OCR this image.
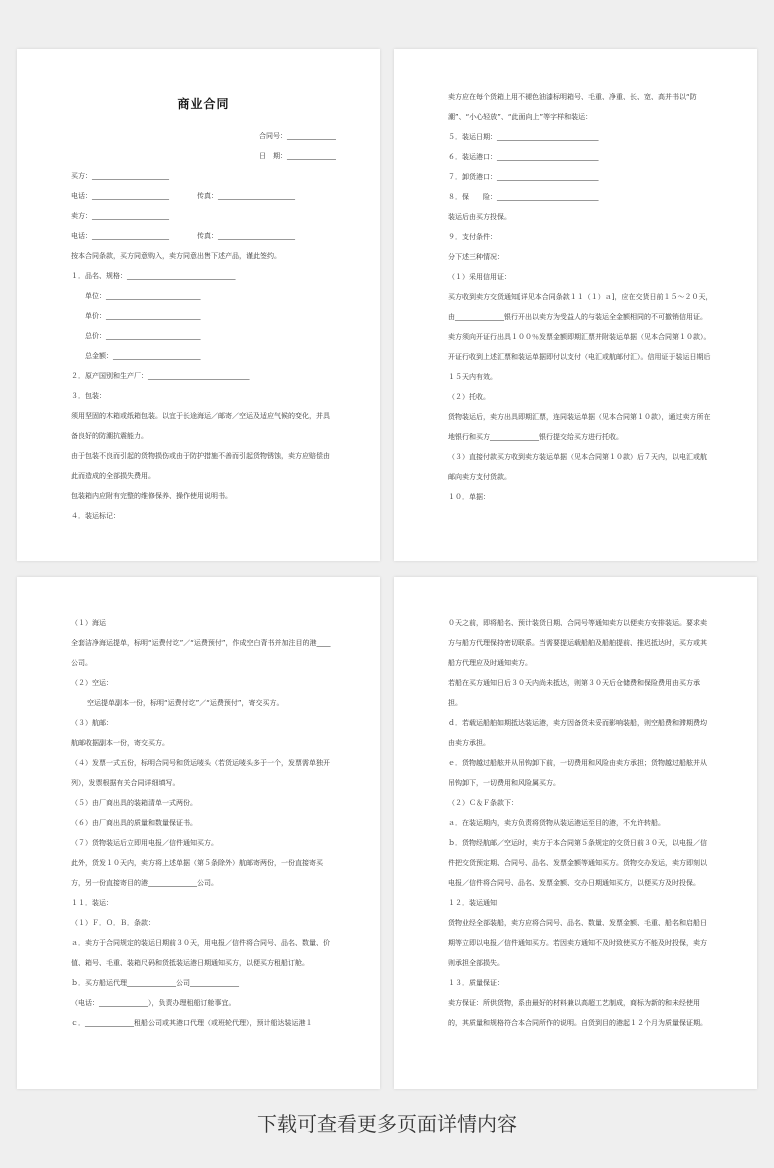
商业合同
合同号：______________
日　期：______________
买方：______________________
电话：______________________　　　　传真：______________________
卖方：______________________
电话：______________________　　　　传真：______________________
按本合同条款，买方同意购入，卖方同意出售下述产品，谨此签约。
１．品名、规格：_______________________________
单位：___________________________
单价：___________________________
总价：___________________________
总金额：_________________________
２．原产国别和生产厂：_____________________________
３．包装：
须用坚固的木箱或纸箱包装。以宜于长途海运／邮寄／空运及适应气候的变化，并具备良好的防潮抗震能力。
由于包装不良而引起的货物损伤或由于防护措施不善而引起货物锈蚀，卖方应赔偿由此而造成的全部损失费用。
包装箱内应附有完整的维修保养、操作使用说明书。
４．装运标记：
卖方应在每个货箱上用不褪色油漆标明箱号、毛重、净重、长、宽、高并书以“防潮”、“小心轻放”、“此面向上”等字样和装运：
５．装运日期：_____________________________
６．装运港口：_____________________________
７．卸货港口：_____________________________
８．保　　险：_____________________________
装运后由买方投保。
９．支付条件：
分下述三种情况：
（１）采用信用证：
买方收到卖方交货通知[详见本合同条款１１（１）ａ]，应在交货日前１５～２０天，由______________银行开出以卖方为受益人的与装运全金额相同的不可撤销信用证。卖方须向开证行出具１００％发票金额即期汇票并附装运单据（见本合同第１０款）。开证行收到上述汇票和装运单据即付以支付（电汇或航邮付汇）。信用证于装运日期后１５天内有效。
（２）托收。
货物装运后，卖方出具即期汇票，连同装运单据（见本合同第１０款），通过卖方所在地银行和买方______________银行提交给买方进行托收。
（３）直接付款买方收到卖方装运单据（见本合同第１０款）后７天内，以电汇或航邮向卖方支付货款。
１０．单据：
（１）海运
全套洁净海运提单，标明“运费付讫”／“运费预付”，作成空白背书并加注目的港____公司。
（２）空运：
空运提单副本一份，标明“运费付讫”／“运费预付”，寄交买方。
（３）航邮：
航邮收据副本一份，寄交买方。
（４）发票一式五份，标明合同号和货运唛头（若货运唛头多于一个，发票需单独开列），发票根据有关合同详细填写。
（５）由厂商出具的装箱清单一式两份。
（６）由厂商出具的质量和数量保证书。
（７）货物装运后立即用电报／信件通知买方。
此外，货发１０天内，卖方将上述单据（第５条除外）航邮寄两份，一份直接寄买方，另一份直接寄目的港______________公司。
１１．装运：
（１）Ｆ．Ｏ．Ｂ．条款：
ａ．卖方于合同规定的装运日期前３０天，用电报／信件将合同号、品名、数量、价值、箱号、毛重、装箱尺码和货抵装运港日期通知买方，以便买方租船订舱。
ｂ．买方船运代理______________公司______________
（电话：______________），负责办理租船订舱事宜。
ｃ．______________租船公司或其港口代理（或班轮代理），预计船达装运港１
０天之前，即将船名、预计装货日期、合同号等通知卖方以便卖方安排装运。要求卖方与船方代理保持密切联系。当需要提运载船舶及船舶提前、推迟抵达时，买方或其船方代理应及时通知卖方。
若船在买方通知日后３０天内尚未抵达，则第３０天后仓储费和保险费用由买方承担。
ｄ．若载运船舶如期抵达装运港，卖方因备货未妥而影响装船，则空船费和滞期费均由卖方承担。
ｅ．货物越过船舷并从吊钩卸下前，一切费用和风险由卖方承担；货物越过船舷并从吊钩卸下，一切费用和风险属买方。
（２）Ｃ＆Ｆ条款下：
ａ．在装运期内，卖方负责将货物从装运港运至目的港，不允许转船。
ｂ．货物经航邮／空运时，卖方于本合同第５条规定的交货日前３０天，以电报／信件把交货预定期、合同号、品名、发票金额等通知买方。货物交办发运，卖方即刻以电报／信件将合同号、品名、发票金额、交办日期通知买方，以便买方及时投保。
１２．装运通知
货物业经全部装船，卖方应将合同号、品名、数量、发票金额、毛重、船名和启船日期等立即以电报／信件通知买方。若因卖方通知不及时致使买方不能及时投保，卖方则承担全部损失。
１３．质量保证：
卖方保证：所供货物，系由最好的材料兼以高超工艺制成，商标为新的和未经使用的，其质量和规格符合本合同所作的说明。自货到目的港起１２个月为质量保证期。
下载可查看更多页面详情内容
